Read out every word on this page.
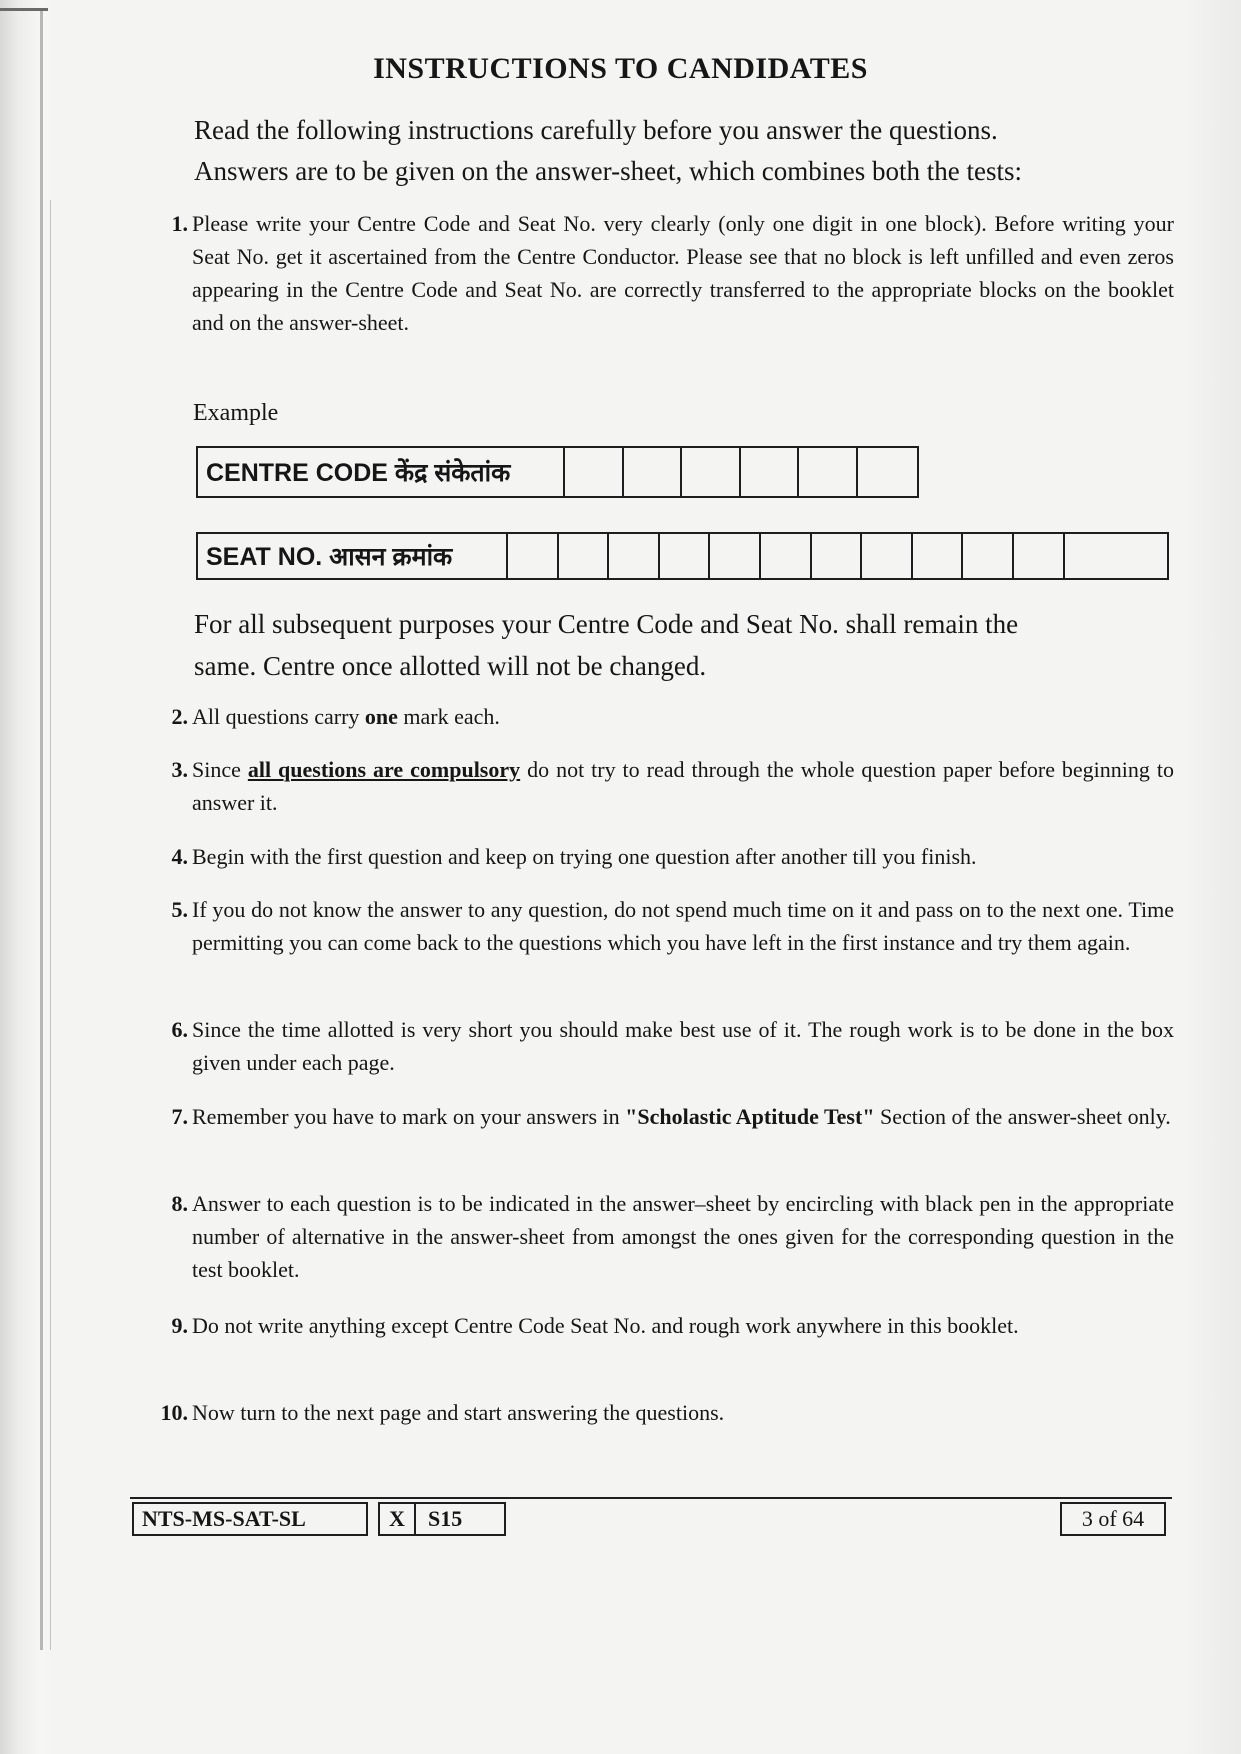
INSTRUCTIONS TO CANDIDATES
Read the following instructions carefully before you answer the questions.
Answers are to be given on the answer-sheet, which combines both the tests:
1. Please write your Centre Code and Seat No. very clearly (only one digit in one block). Before writing your Seat No. get it ascertained from the Centre Conductor. Please see that no block is left unfilled and even zeros appearing in the Centre Code and Seat No. are correctly transferred to the appropriate blocks on the booklet and on the answer-sheet.
Example
CENTRE CODE केंद्र संकेतांक
SEAT NO. आसन क्रमांक
For all subsequent purposes your Centre Code and Seat No. shall remain the
same. Centre once allotted will not be changed.
2. All questions carry one mark each.
3. Since all questions are compulsory do not try to read through the whole question paper before beginning to answer it.
4. Begin with the first question and keep on trying one question after another till you finish.
5. If you do not know the answer to any question, do not spend much time on it and pass on to the next one. Time permitting you can come back to the questions which you have left in the first instance and try them again.
6. Since the time allotted is very short you should make best use of it. The rough work is to be done in the box given under each page.
7. Remember you have to mark on your answers in "Scholastic Aptitude Test" Section of the answer-sheet only.
8. Answer to each question is to be indicated in the answer–sheet by encircling with black pen in the appropriate number of alternative in the answer-sheet from amongst the ones given for the corresponding question in the test booklet.
9. Do not write anything except Centre Code Seat No. and rough work anywhere in this booklet.
10. Now turn to the next page and start answering the questions.
NTS-MS-SAT-SL	X	S15	3 of 64
